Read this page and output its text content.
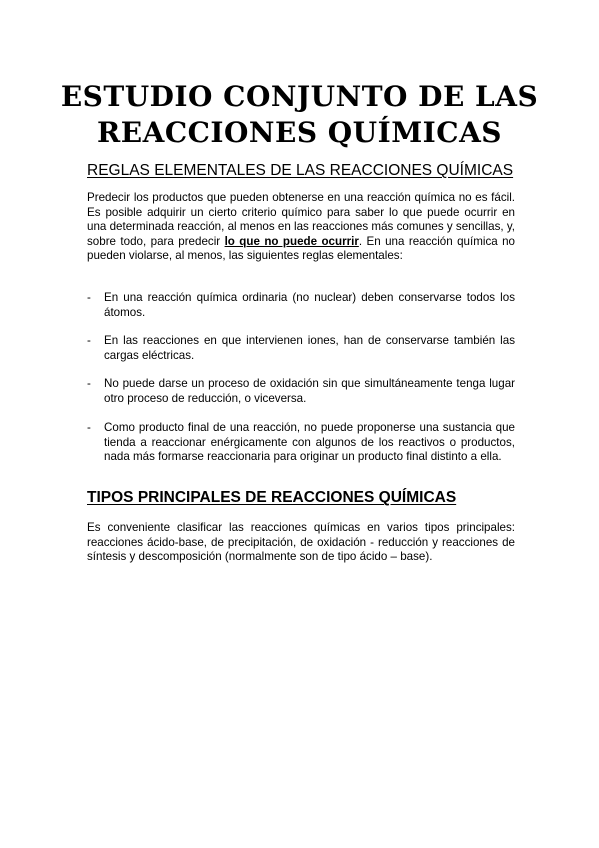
ESTUDIO CONJUNTO DE LAS
REACCIONES QUÍMICAS
REGLAS ELEMENTALES DE LAS REACCIONES QUÍMICAS

Predecir los productos que pueden obtenerse en una reacción química no es fácil. Es posible adquirir un cierto criterio químico para saber lo que puede ocurrir en una determinada reacción, al menos en las reacciones más comunes y sencillas, y, sobre todo, para predecir lo que no puede ocurrir. En una reacción química no pueden violarse, al menos, las siguientes reglas elementales:

- En una reacción química ordinaria (no nuclear) deben conservarse todos los átomos.
- En las reacciones en que intervienen iones, han de conservarse también las cargas eléctricas.
- No puede darse un proceso de oxidación sin que simultáneamente tenga lugar otro proceso de reducción, o viceversa.
- Como producto final de una reacción, no puede proponerse una sustancia que tienda a reaccionar enérgicamente con algunos de los reactivos o productos, nada más formarse reaccionaria para originar un producto final distinto a ella.
TIPOS PRINCIPALES DE REACCIONES QUÍMICAS

Es conveniente clasificar las reacciones químicas en varios tipos principales: reacciones ácido-base, de precipitación, de oxidación - reducción y reacciones de síntesis y descomposición (normalmente son de tipo ácido – base).
